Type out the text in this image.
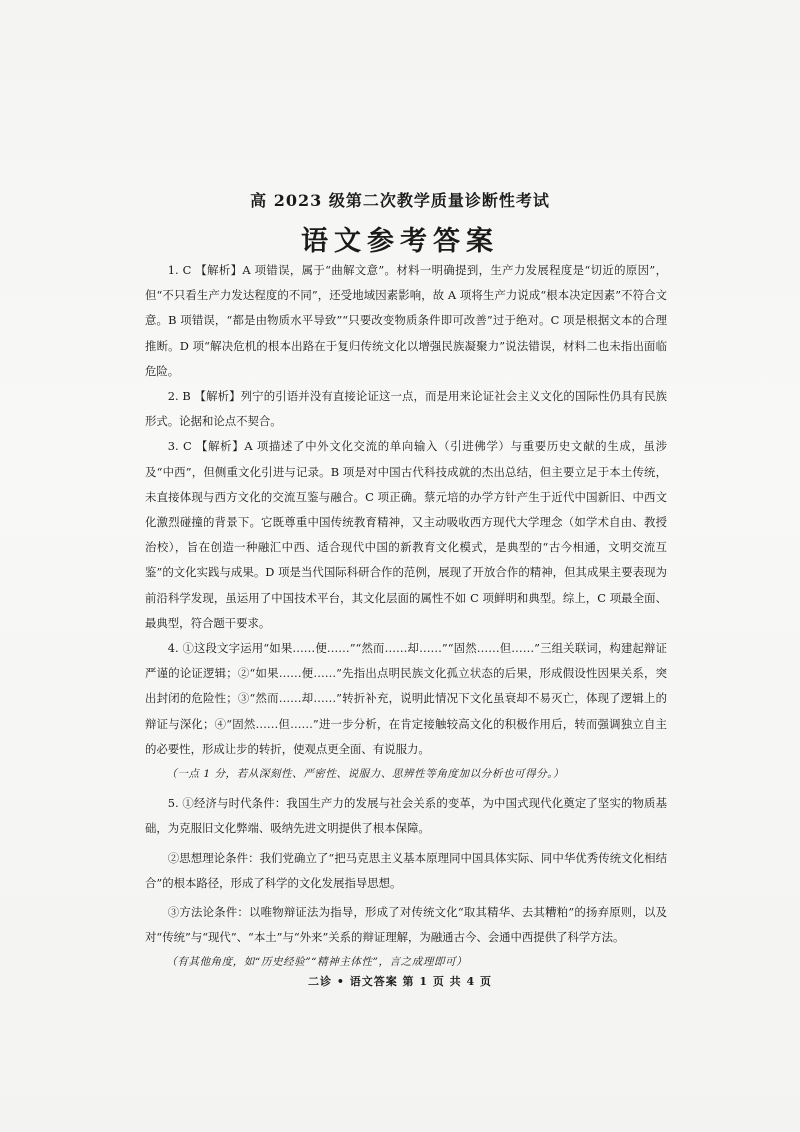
高 2023 级第二次教学质量诊断性考试
语文参考答案

1. C 【解析】A 项错误，属于“曲解文意”。材料一明确提到，生产力发展程度是“切近的原因”，但“不只看生产力发达程度的不同”，还受地域因素影响，故 A 项将生产力说成“根本决定因素”不符合文意。B 项错误，“都是由物质水平导致”“只要改变物质条件即可改善”过于绝对。C 项是根据文本的合理推断。D 项“解决危机的根本出路在于复归传统文化以增强民族凝聚力”说法错误，材料二也未指出面临危险。

2. B 【解析】列宁的引语并没有直接论证这一点，而是用来论证社会主义文化的国际性仍具有民族形式。论据和论点不契合。

3. C 【解析】A 项描述了中外文化交流的单向输入（引进佛学）与重要历史文献的生成，虽涉及“中西”，但侧重文化引进与记录。B 项是对中国古代科技成就的杰出总结，但主要立足于本土传统，未直接体现与西方文化的交流互鉴与融合。C 项正确。蔡元培的办学方针产生于近代中国新旧、中西文化激烈碰撞的背景下。它既尊重中国传统教育精神，又主动吸收西方现代大学理念（如学术自由、教授治校），旨在创造一种融汇中西、适合现代中国的新教育文化模式，是典型的“古今相通，文明交流互鉴”的文化实践与成果。D 项是当代国际科研合作的范例，展现了开放合作的精神，但其成果主要表现为前沿科学发现，虽运用了中国技术平台，其文化层面的属性不如 C 项鲜明和典型。综上，C 项最全面、最典型，符合题干要求。

4. ①这段文字运用“如果……便……”“然而……却……”“固然……但……”三组关联词，构建起辩证严谨的论证逻辑；②“如果……便……”先指出点明民族文化孤立状态的后果，形成假设性因果关系，突出封闭的危险性；③“然而……却……”转折补充，说明此情况下文化虽衰却不易灭亡，体现了逻辑上的辩证与深化；④“固然……但……”进一步分析，在肯定接触较高文化的积极作用后，转而强调独立自主的必要性，形成让步的转折，使观点更全面、有说服力。

（一点 1 分，若从深刻性、严密性、说服力、思辨性等角度加以分析也可得分。）

5. ①经济与时代条件：我国生产力的发展与社会关系的变革，为中国式现代化奠定了坚实的物质基础，为克服旧文化弊端、吸纳先进文明提供了根本保障。

②思想理论条件：我们党确立了“把马克思主义基本原理同中国具体实际、同中华优秀传统文化相结合”的根本路径，形成了科学的文化发展指导思想。

③方法论条件：以唯物辩证法为指导，形成了对传统文化“取其精华、去其糟粕”的扬弃原则，以及对“传统”与“现代”、“本土”与“外来”关系的辩证理解，为融通古今、会通中西提供了科学方法。

（有其他角度，如“历史经验”“精神主体性”，言之成理即可）

二诊 • 语文答案 第 1 页 共 4 页
